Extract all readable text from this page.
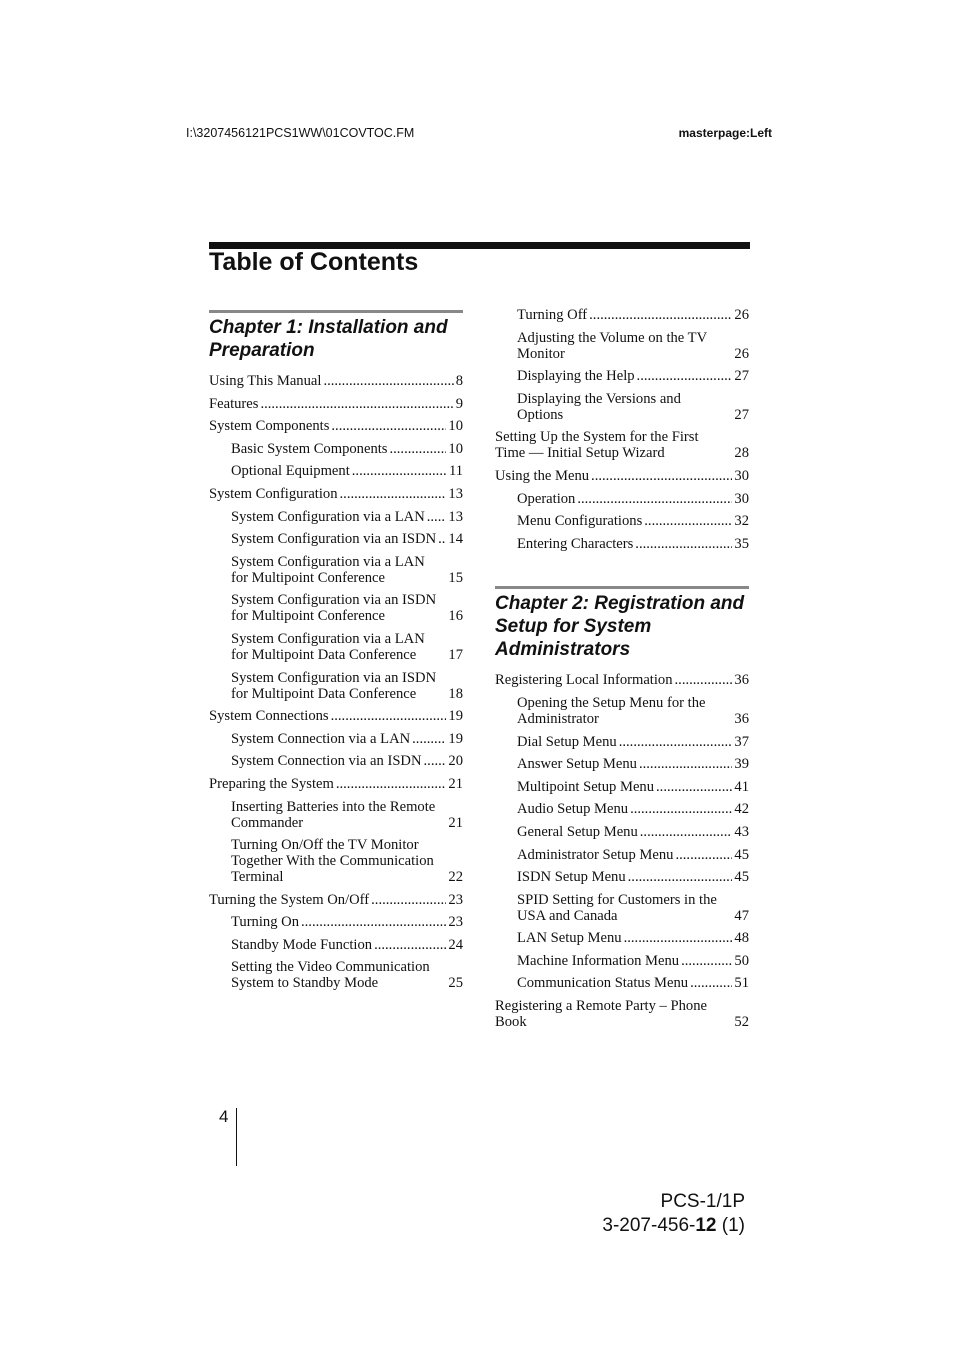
I:\3207456121PCS1WW\01COVTOC.FM	masterpage:Left
Table of Contents
Chapter 1: Installation and Preparation
Using This Manual .....	8
Features .....	9
System Components .....	10
Basic System Components .....	10
Optional Equipment .....	11
System Configuration .....	13
System Configuration via a LAN ..... 13
System Configuration via an ISDN ..... 14
System Configuration via a LAN for Multipoint Conference	15
System Configuration via an ISDN for Multipoint Conference	16
System Configuration via a LAN for Multipoint Data Conference	17
System Configuration via an ISDN for Multipoint Data Conference	18
System Connections .....	19
System Connection via a LAN .....	19
System Connection via an ISDN ..... 20
Preparing the System .....	21
Inserting Batteries into the Remote Commander	21
Turning On/Off the TV Monitor Together With the Communication Terminal	22
Turning the System On/Off .....	23
Turning On .....	23
Standby Mode Function .....	24
Setting the Video Communication System to Standby Mode	25
Turning Off .....	26
Adjusting the Volume on the TV Monitor	26
Displaying the Help .....	27
Displaying the Versions and Options	27
Setting Up the System for the First Time — Initial Setup Wizard	28
Using the Menu .....	30
Operation .....	30
Menu Configurations .....	32
Entering Characters .....	35
Chapter 2: Registration and Setup for System Administrators
Registering Local Information .....	36
Opening the Setup Menu for the Administrator	36
Dial Setup Menu .....	37
Answer Setup Menu .....	39
Multipoint Setup Menu .....	41
Audio Setup Menu .....	42
General Setup Menu .....	43
Administrator Setup Menu .....	45
ISDN Setup Menu .....	45
SPID Setting for Customers in the USA and Canada	47
LAN Setup Menu .....	48
Machine Information Menu .....	50
Communication Status Menu .....	51
Registering a Remote Party – Phone Book	52
4
PCS-1/1P
3-207-456-12 (1)
